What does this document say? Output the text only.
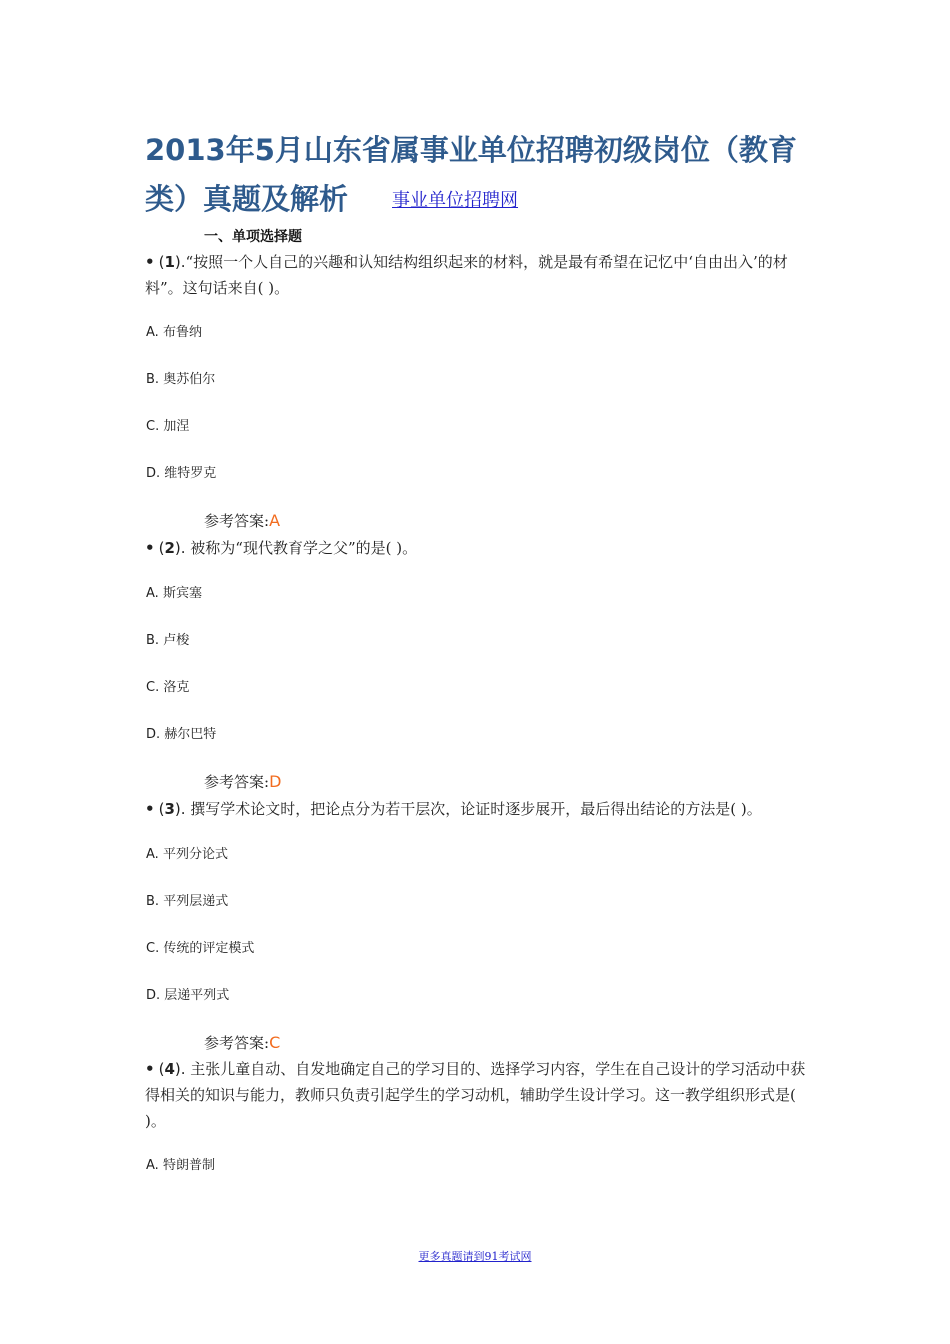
2013年5月山东省属事业单位招聘初级岗位（教育类）真题及解析 事业单位招聘网

一、单项选择题

• (1).“按照一个人自己的兴趣和认知结构组织起来的材料，就是最有希望在记忆中‘自由出入’的材料”。这句话来自( )。

A. 布鲁纳

B. 奥苏伯尔

C. 加涅

D. 维特罗克

参考答案:A

• (2). 被称为“现代教育学之父”的是( )。

A. 斯宾塞

B. 卢梭

C. 洛克

D. 赫尔巴特

参考答案:D

• (3). 撰写学术论文时，把论点分为若干层次，论证时逐步展开，最后得出结论的方法是( )。

A. 平列分论式

B. 平列层递式

C. 传统的评定模式

D. 层递平列式

参考答案:C

• (4). 主张儿童自动、自发地确定自己的学习目的、选择学习内容，学生在自己设计的学习活动中获得相关的知识与能力，教师只负责引起学生的学习动机，辅助学生设计学习。这一教学组织形式是( )。

A. 特朗普制

更多真题请到91考试网
